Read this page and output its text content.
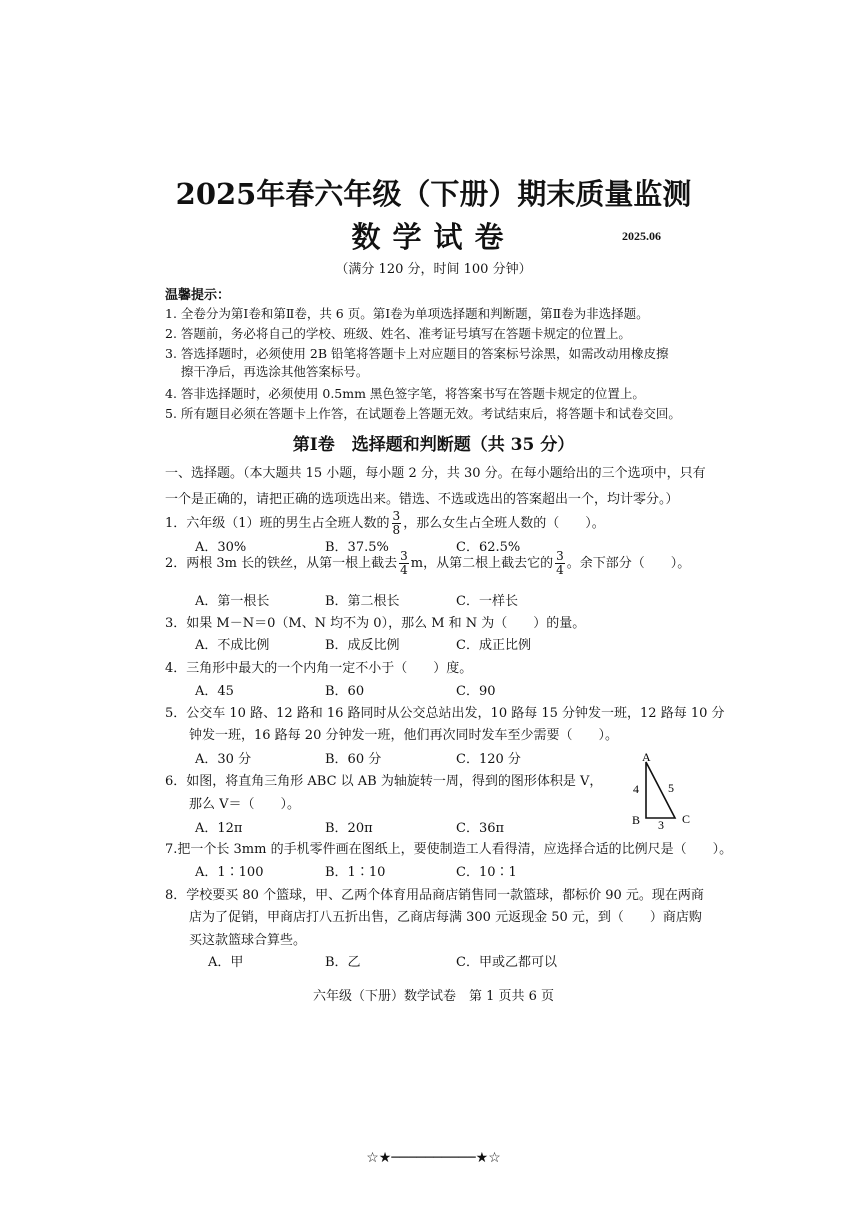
2025年春六年级（下册）期末质量监测
数学试卷	2025.06
（满分 120 分，时间 100 分钟）
温馨提示：
1. 全卷分为第Ⅰ卷和第Ⅱ卷，共 6 页。第Ⅰ卷为单项选择题和判断题，第Ⅱ卷为非选择题。
2. 答题前，务必将自己的学校、班级、姓名、准考证号填写在答题卡规定的位置上。
3. 答选择题时，必须使用 2B 铅笔将答题卡上对应题目的答案标号涂黑，如需改动用橡皮擦
擦干净后，再选涂其他答案标号。
4. 答非选择题时，必须使用 0.5mm 黑色签字笔，将答案书写在答题卡规定的位置上。
5. 所有题目必须在答题卡上作答，在试题卷上答题无效。考试结束后，将答题卡和试卷交回。
第Ⅰ卷　选择题和判断题（共 35 分）
一、选择题。（本大题共 15 小题，每小题 2 分，共 30 分。在每小题给出的三个选项中，只有
一个是正确的，请把正确的选项选出来。错选、不选或选出的答案超出一个，均计零分。）
1．六年级（1）班的男生占全班人数的 $\frac{3}{8}$ ，那么女生占全班人数的（　　）。
A．30%	B．37.5%	C．62.5%
2．两根 3m 长的铁丝，从第一根上截去 $\frac{3}{4}$ m，从第二根上截去它的 $\frac{3}{4}$ 。余下部分（　　）。
A．第一根长	B．第二根长	C．一样长
3．如果 M－N＝0（M、N 均不为 0），那么 M 和 N 为（　　）的量。
A．不成比例	B．成反比例	C．成正比例
4．三角形中最大的一个内角一定不小于（　　）度。
A．45	B．60	C．90
5．公交车 10 路、12 路和 16 路同时从公交总站出发，10 路每 15 分钟发一班，12 路每 10 分
钟发一班，16 路每 20 分钟发一班，他们再次同时发车至少需要（　　）。
A．30 分	B．60 分	C．120 分
6．如图，将直角三角形 ABC 以 AB 为轴旋转一周，得到的图形体积是 V，
那么 V＝（　　）。
A．12π	B．20π	C．36π
A
B	C
4 5
3
7.把一个长 3mm 的手机零件画在图纸上，要使制造工人看得清，应选择合适的比例尺是（　　）。
A．1∶100	B．1∶10	C．10∶1
8．学校要买 80 个篮球，甲、乙两个体育用品商店销售同一款篮球，都标价 90 元。现在两商
店为了促销，甲商店打八五折出售，乙商店每满 300 元返现金 50 元，到（　　）商店购
买这款篮球合算些。
A．甲	B．乙	C．甲或乙都可以
六年级（下册）数学试卷　第 1 页共 6 页
☆★──────────★☆
